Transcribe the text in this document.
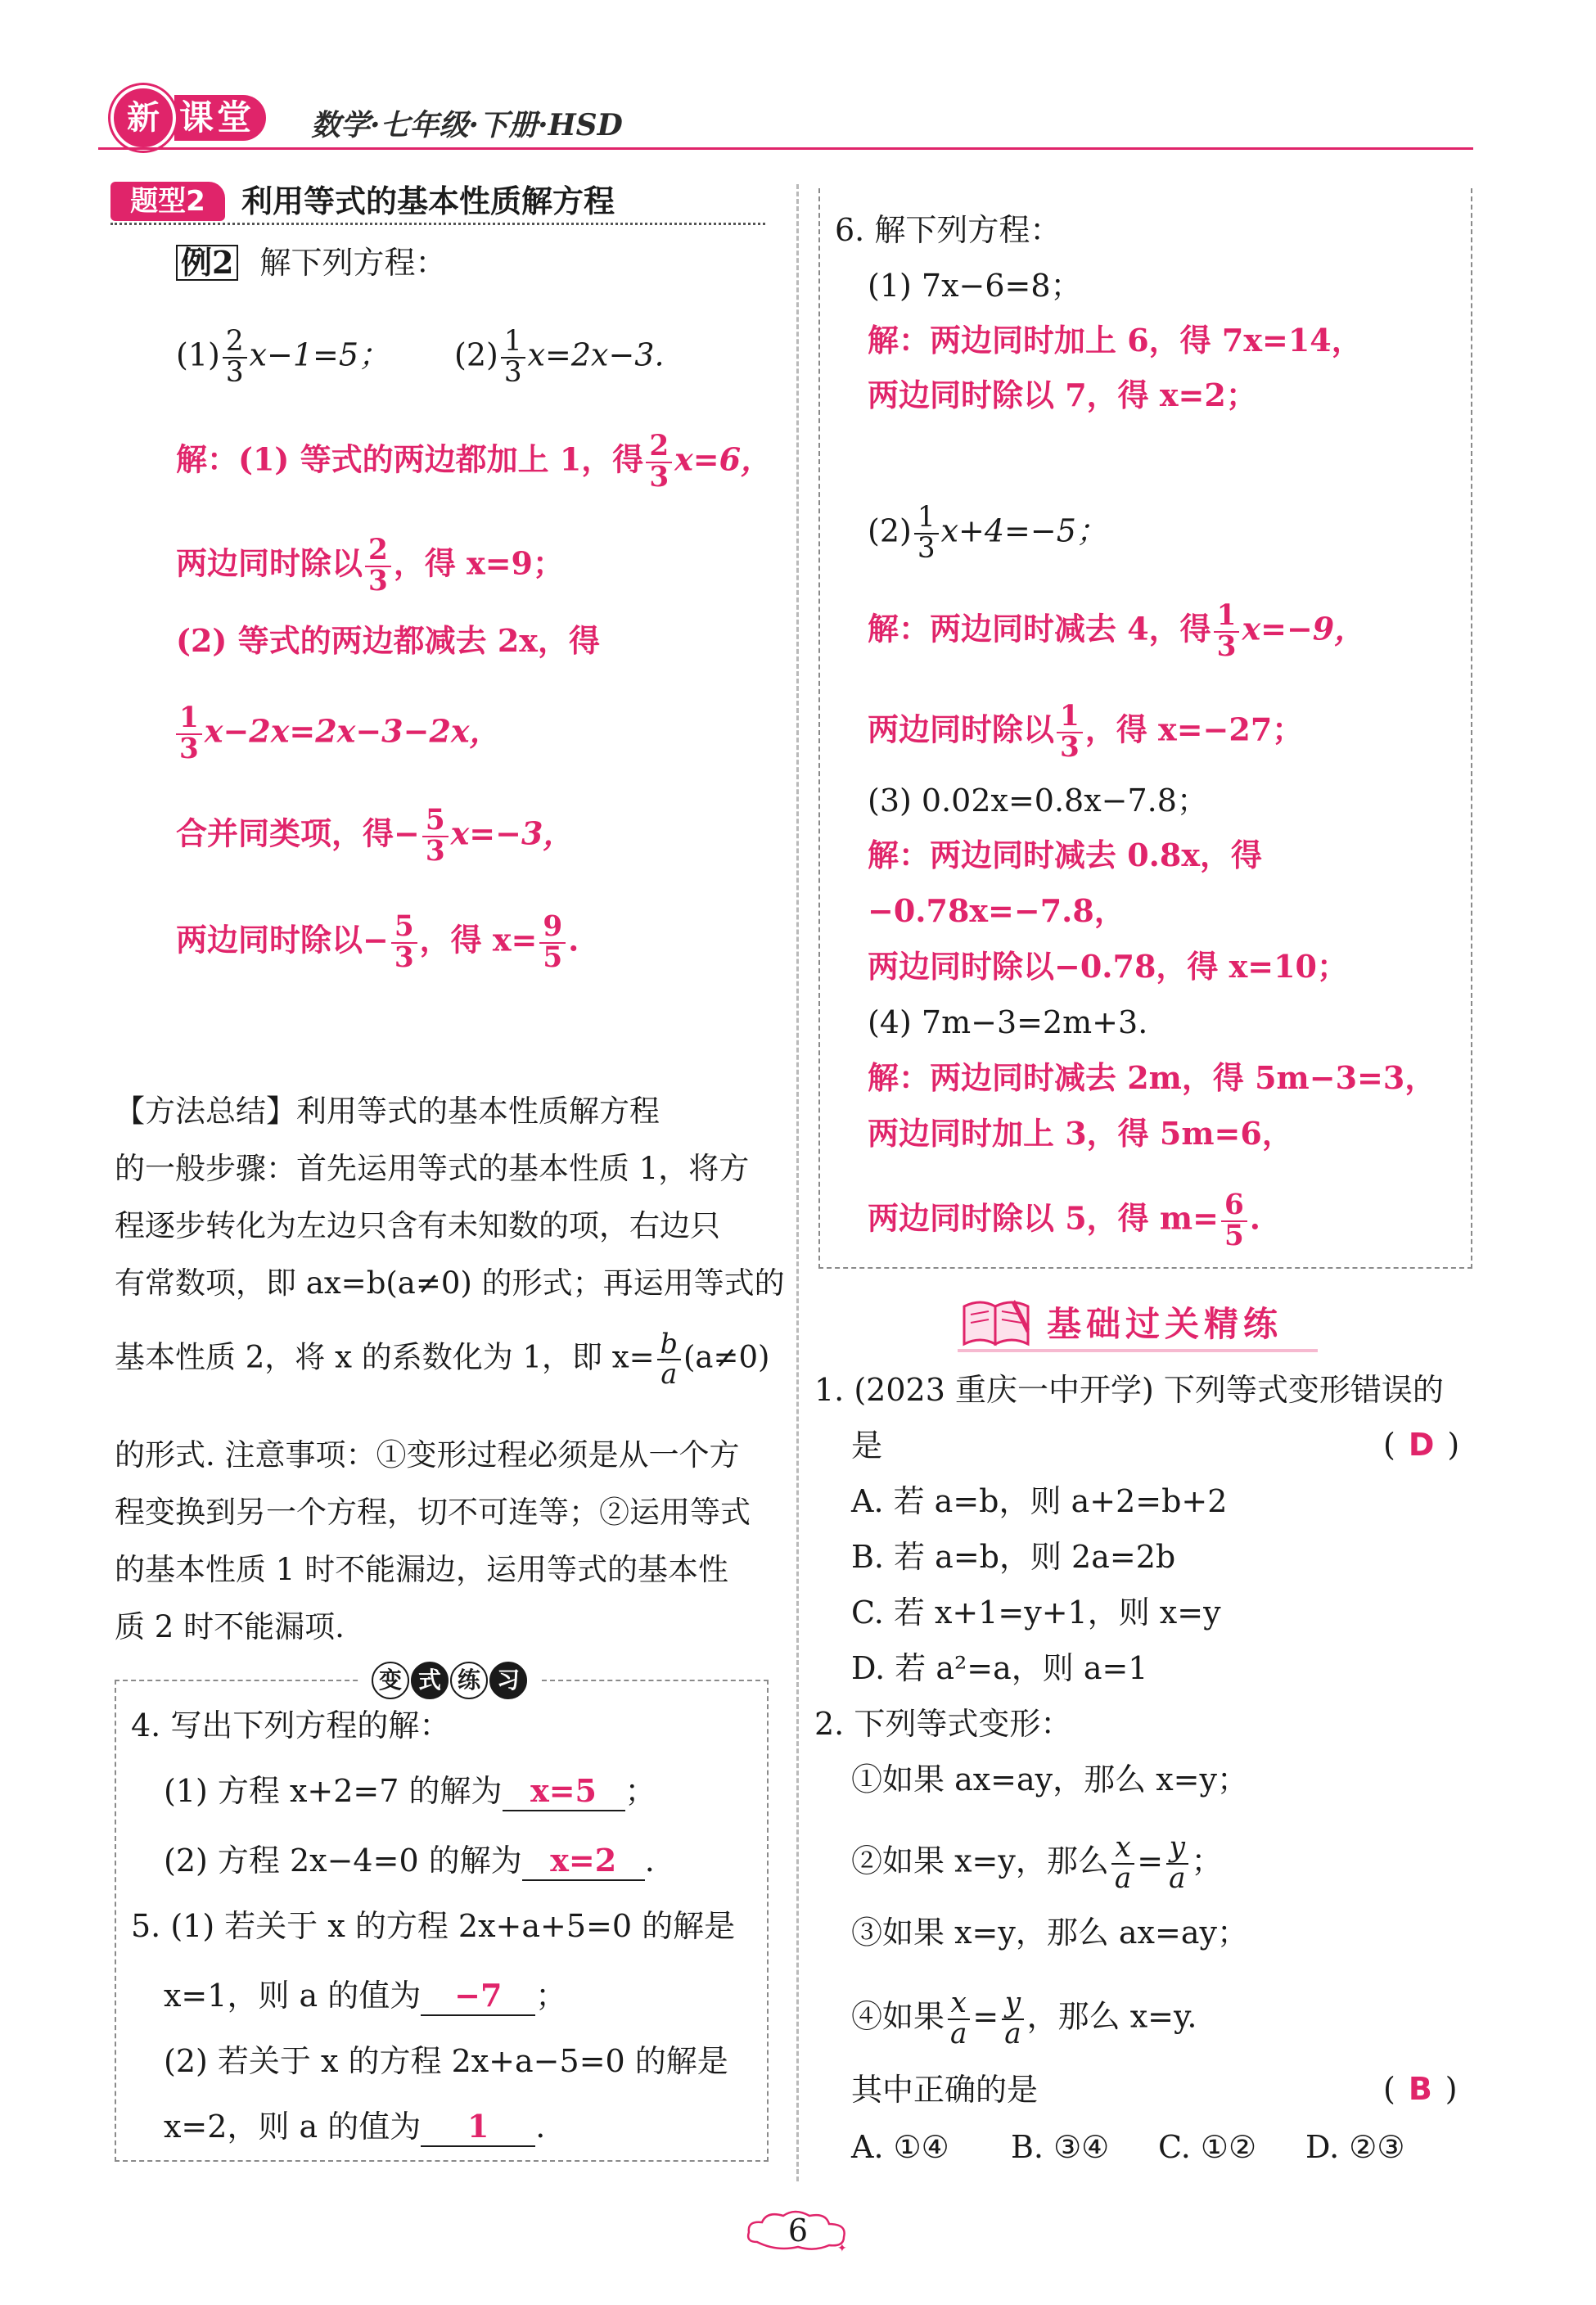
课堂
新	数学·七年级·下册·HSD
题型2	利用等式的基本性质解方程
例2 解下列方程：
$(1) \frac{2}{3} x-1=5$； $(2) \frac{1}{3} x=2x-3$.
解：(1) 等式的两边都加上 1，得 $\frac{2}{3} x=6$，
两边同时除以 $\frac{2}{3}$ ，得 x=9；
(2) 等式的两边都减去 2x，得
$\frac{1}{3} x-2x=2x-3-2x$，
合并同类项，得− $\frac{5}{3} x=-3$，
两边同时除以− $\frac{5}{3}$ ，得 $x= \frac{9}{5}$ .
【方法总结】利用等式的基本性质解方程
的一般步骤：首先运用等式的基本性质 1，将方
程逐步转化为左边只含有未知数的项，右边只
有常数项，即 ax=b(a≠0) 的形式；再运用等式的
基本性质 2，将 x 的系数化为 1，即 $x= \frac{b}{a} (a\ne 0)$
的形式. 注意事项：①变形过程必须是从一个方
程变换到另一个方程，切不可连等；②运用等式
的基本性质 1 时不能漏边，运用等式的基本性
质 2 时不能漏项.
变 式 练 习
4. 写出下列方程的解：
(1) 方程 x+2=7 的解为 x=5 ；
(2) 方程 2x−4=0 的解为 x=2 .
5. (1) 若关于 x 的方程 2x+a+5=0 的解是
x=1，则 a 的值为 −7 ；
(2) 若关于 x 的方程 2x+a−5=0 的解是
x=2，则 a 的值为 1 .
6. 解下列方程：
(1) 7x−6=8；
解：两边同时加上 6，得 7x=14，
两边同时除以 7，得 x=2；
$(2) \frac{1}{3} x+4=-5$；
解：两边同时减去 4，得 $\frac{1}{3} x=-9$，
两边同时除以 $\frac{1}{3}$ ，得 x=−27；
(3) 0.02x=0.8x−7.8；
解：两边同时减去 0.8x，得
−0.78x=−7.8，
两边同时除以−0.78，得 x=10；
(4) 7m−3=2m+3.
解：两边同时减去 2m，得 5m−3=3，
两边同时加上 3，得 5m=6，
两边同时除以 5，得 $m= \frac{6}{5}$ .
基础过关精练
1. (2023 重庆一中开学) 下列等式变形错误的
是	( D )
A. 若 a=b，则 a+2=b+2
B. 若 a=b，则 2a=2b
C. 若 x+1=y+1，则 x=y
D. 若 a²=a，则 a=1
2. 下列等式变形：
①如果 ax=ay，那么 x=y；
②如果 x=y，那么 $\frac{x}{a} = \frac{y}{a}$ ；
③如果 x=y，那么 ax=ay；
④如果 $\frac{x}{a} = \frac{y}{a}$ ，那么 x=y.
其中正确的是	( B )
A. ①④ B. ③④ C. ①② D. ②③
✦
6
